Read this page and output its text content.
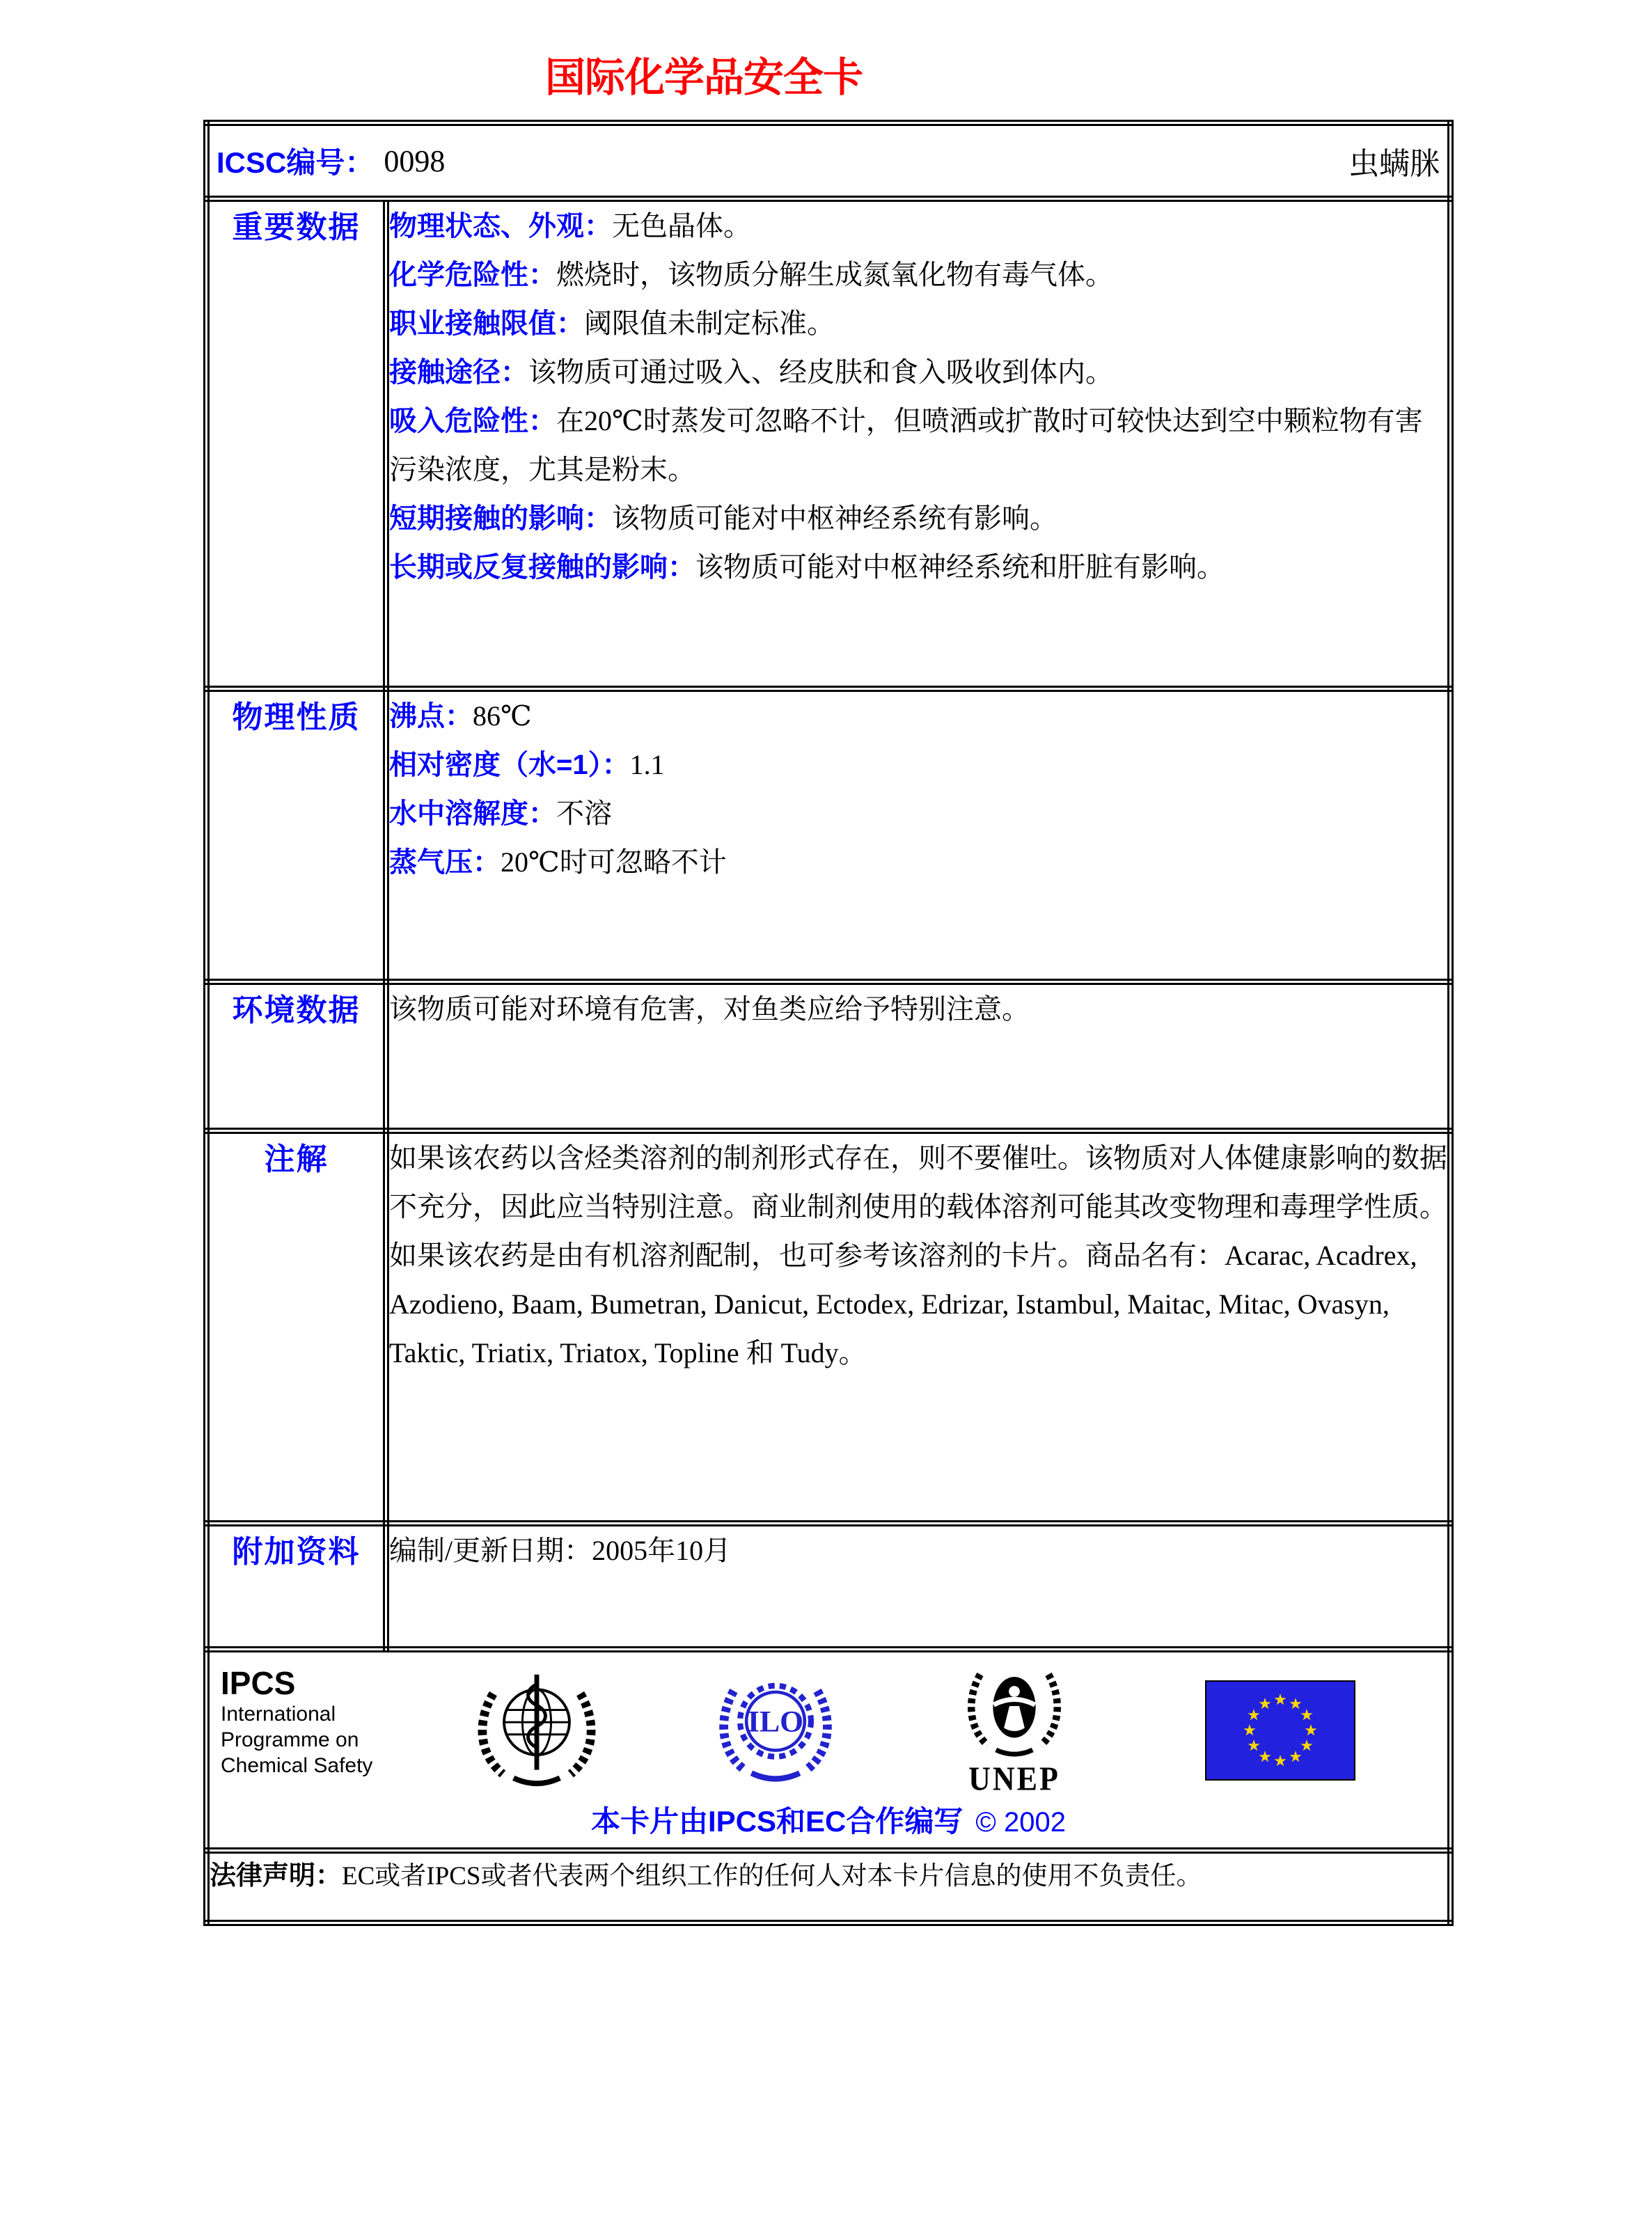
国际化学品安全卡
ICSC编号： 0098 虫螨脒	

重要数据	物理状态、外观：无色晶体。

化学危险性：燃烧时，该物质分解生成氮氧化物有毒气体。

职业接触限值：阈限值未制定标准。

接触途径：该物质可通过吸入、经皮肤和食入吸收到体内。

吸入危险性：在20℃时蒸发可忽略不计，但喷洒或扩散时可较快达到空中颗粒物有害污染浓度，尤其是粉末。

短期接触的影响：该物质可能对中枢神经系统有影响。

长期或反复接触的影响：该物质可能对中枢神经系统和肝脏有影响。

物理性质	沸点：86℃

相对密度（水=1）：1.1

水中溶解度：不溶

蒸气压：20℃时可忽略不计

环境数据	该物质可能对环境有危害，对鱼类应给予特别注意。

注解	如果该农药以含烃类溶剂的制剂形式存在，则不要催吐。该物质对人体健康影响的数据不充分，因此应当特别注意。商业制剂使用的载体溶剂可能其改变物理和毒理学性质。如果该农药是由有机溶剂配制，也可参考该溶剂的卡片。商品名有：Acarac, Acadrex, Azodieno, Baam, Bumetran, Danicut, Ectodex, Edrizar, Istambul, Maitac, Mitac, Ovasyn, Taktic, Triatix, Triatox, Topline 和 Tudy。

附加资料	编制/更新日期：2005年10月

IPCS
International
Programme on
Chemical Safety
ILO
UNEP
本卡片由IPCS和EC合作编写 © 2002

法律声明：EC或者IPCS或者代表两个组织工作的任何人对本卡片信息的使用不负责任。	
